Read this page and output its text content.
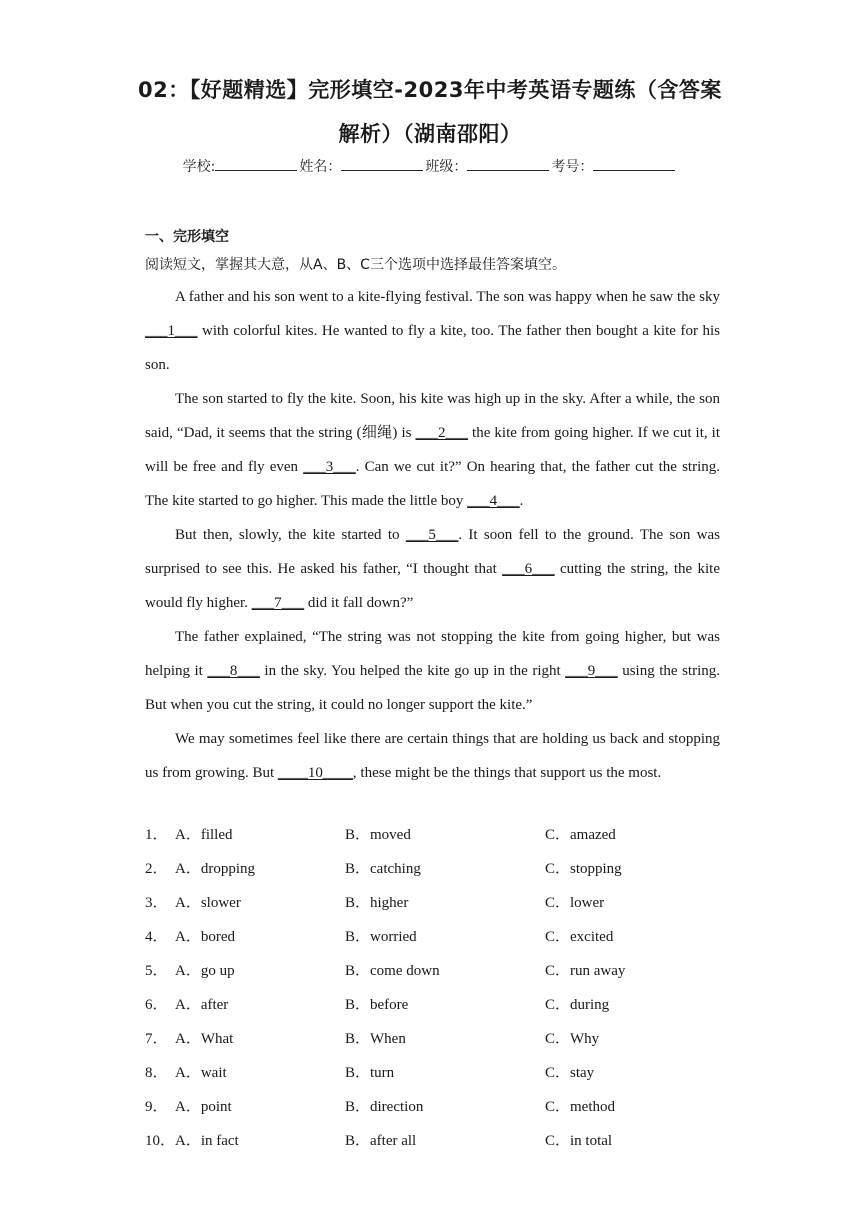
02：【好题精选】完形填空-2023年中考英语专题练（含答案
解析）（湖南邵阳）
学校:	姓名：	班级：	考号：
一、完形填空
阅读短文，掌握其大意，从A、B、C三个选项中选择最佳答案填空。

A father and his son went to a kite-flying festival. The son was happy when he saw the sky ___1___ with colorful kites. He wanted to fly a kite, too. The father then bought a kite for his son.

The son started to fly the kite. Soon, his kite was high up in the sky. After a while, the son said, “Dad, it seems that the string (细绳) is ___2___ the kite from going higher. If we cut it, it will be free and fly even ___3___. Can we cut it?” On hearing that, the father cut the string. The kite started to go higher. This made the little boy ___4___.

But then, slowly, the kite started to ___5___. It soon fell to the ground. The son was surprised to see this. He asked his father, “I thought that ___6___ cutting the string, the kite would fly higher. ___7___ did it fall down?”

The father explained, “The string was not stopping the kite from going higher, but was helping it ___8___ in the sky. You helped the kite go up in the right ___9___ using the string. But when you cut the string, it could no longer support the kite.”

We may sometimes feel like there are certain things that are holding us back and stopping us from growing. But ____10____, these might be the things that support us the most.

1． A．filled	B．moved	C．amazed
2． A．dropping	B．catching	C．stopping
3． A．slower	B．higher	C．lower
4． A．bored	B．worried	C．excited
5． A．go up	B．come down	C．run away
6． A．after	B．before	C．during
7． A．What	B．When	C．Why
8． A．wait	B．turn	C．stay
9． A．point	B．direction	C．method
10． A．in fact	B．after all	C．in total
